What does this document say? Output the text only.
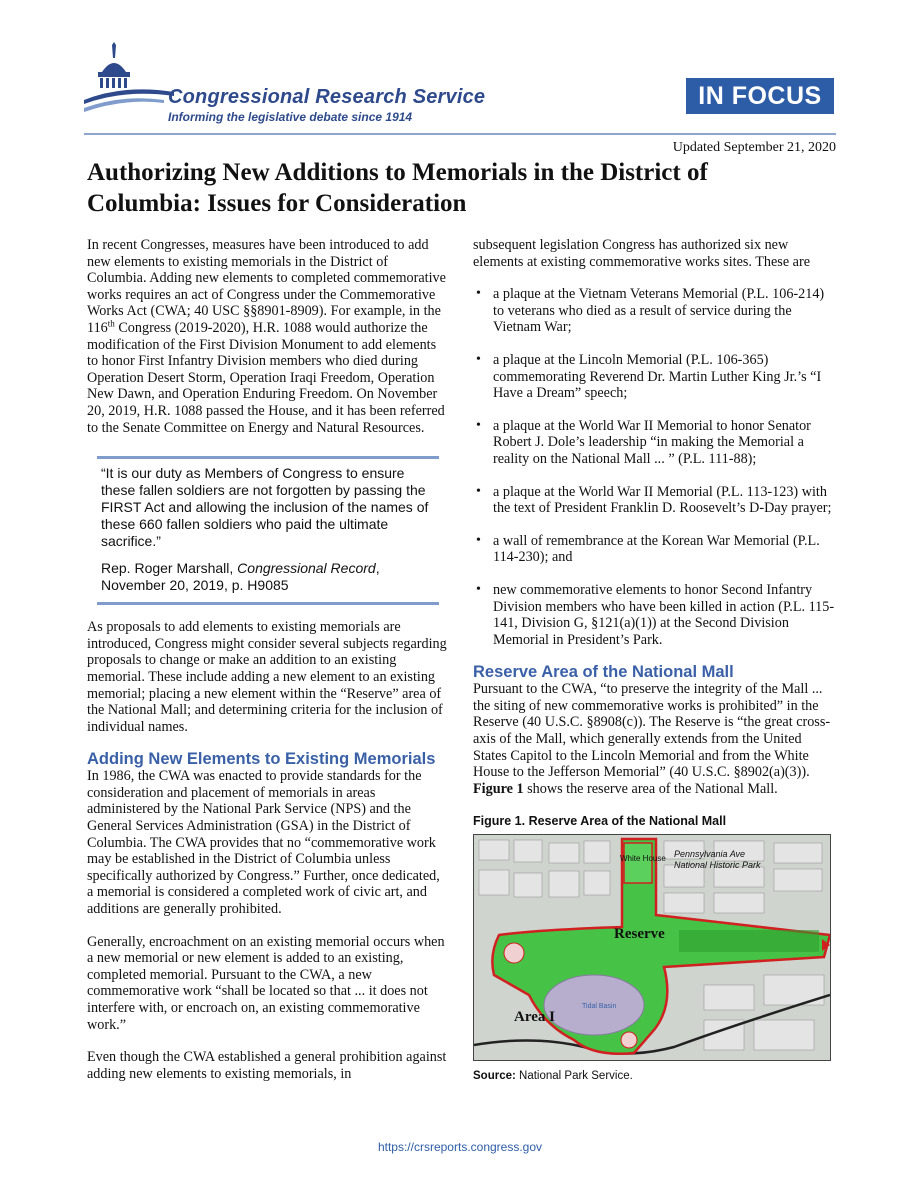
Congressional Research Service
Informing the legislative debate since 1914
IN FOCUS
Updated September 21, 2020
Authorizing New Additions to Memorials in the District of Columbia: Issues for Consideration

In recent Congresses, measures have been introduced to add new elements to existing memorials in the District of Columbia. Adding new elements to completed commemorative works requires an act of Congress under the Commemorative Works Act (CWA; 40 USC §§8901-8909). For example, in the 116th Congress (2019-2020), H.R. 1088 would authorize the modification of the First Division Monument to add elements to honor First Infantry Division members who died during Operation Desert Storm, Operation Iraqi Freedom, Operation New Dawn, and Operation Enduring Freedom. On November 20, 2019, H.R. 1088 passed the House, and it has been referred to the Senate Committee on Energy and Natural Resources.

“It is our duty as Members of Congress to ensure these fallen soldiers are not forgotten by passing the FIRST Act and allowing the inclusion of the names of these 660 fallen soldiers who paid the ultimate sacrifice.”

Rep. Roger Marshall, Congressional Record, November 20, 2019, p. H9085

As proposals to add elements to existing memorials are introduced, Congress might consider several subjects regarding proposals to change or make an addition to an existing memorial. These include adding a new element to an existing memorial; placing a new element within the “Reserve” area of the National Mall; and determining criteria for the inclusion of individual names.

Adding New Elements to Existing Memorials

In 1986, the CWA was enacted to provide standards for the consideration and placement of memorials in areas administered by the National Park Service (NPS) and the General Services Administration (GSA) in the District of Columbia. The CWA provides that no “commemorative work may be established in the District of Columbia unless specifically authorized by Congress.” Further, once dedicated, a memorial is considered a completed work of civic art, and additions are generally prohibited.

Generally, encroachment on an existing memorial occurs when a new memorial or new element is added to an existing, completed memorial. Pursuant to the CWA, a new commemorative work “shall be located so that ... it does not interfere with, or encroach on, an existing commemorative work.”

Even though the CWA established a general prohibition against adding new elements to existing memorials, in

subsequent legislation Congress has authorized six new elements at existing commemorative works sites. These are

• a plaque at the Vietnam Veterans Memorial (P.L. 106-214) to veterans who died as a result of service during the Vietnam War;
• a plaque at the Lincoln Memorial (P.L. 106-365) commemorating Reverend Dr. Martin Luther King Jr.’s “I Have a Dream” speech;
• a plaque at the World War II Memorial to honor Senator Robert J. Dole’s leadership “in making the Memorial a reality on the National Mall ... ” (P.L. 111-88);
• a plaque at the World War II Memorial (P.L. 113-123) with the text of President Franklin D. Roosevelt’s D-Day prayer;
• a wall of remembrance at the Korean War Memorial (P.L. 114-230); and
• new commemorative elements to honor Second Infantry Division members who have been killed in action (P.L. 115-141, Division G, §121(a)(1)) at the Second Division Memorial in President’s Park.
Reserve Area of the National Mall

Pursuant to the CWA, “to preserve the integrity of the Mall ... the siting of new commemorative works is prohibited” in the Reserve (40 U.S.C. §8908(c)). The Reserve is “the great cross-axis of the Mall, which generally extends from the United States Capitol to the Lincoln Memorial and from the White House to the Jefferson Memorial” (40 U.S.C. §8902(a)(3)). Figure 1 shows the reserve area of the National Mall.

Figure 1. Reserve Area of the National Mall
Reserve
Area I
White House Pennsylvania Ave
National Historic Park
Tidal Basin
Source: National Park Service.
https://crsreports.congress.gov
